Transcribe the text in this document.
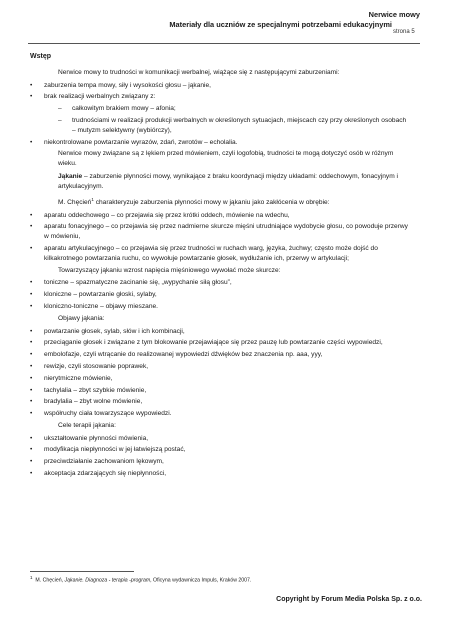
Nerwice mowy
Materiały dla uczniów ze specjalnymi potrzebami edukacyjnymi
strona 5
Wstęp

Nerwice mowy to trudności w komunikacji werbalnej, wiążące się z następującymi zaburzeniami:

• zaburzenia tempa mowy, siły i wysokości głosu – jąkanie,

• brak realizacji werbalnych związany z:

– całkowitym brakiem mowy – afonia;

– trudnościami w realizacji produkcji werbalnych w określonych sytuacjach, miejscach czy przy określonych osobach – mutyzm selektywny (wybiórczy),

• niekontrolowane powtarzanie wyrazów, zdań, zwrotów – echolalia.

Nerwice mowy związane są z lękiem przed mówieniem, czyli logofobią, trudności te mogą dotyczyć osób w różnym wieku.

Jąkanie – zaburzenie płynności mowy, wynikające z braku koordynacji między układami: oddechowym, fonacyjnym i artykulacyjnym.

M. Chęcień$^1$ charakteryzuje zaburzenia płynności mowy w jąkaniu jako zakłócenia w obrębie:

• aparatu oddechowego – co przejawia się przez krótki oddech, mówienie na wdechu,

• aparatu fonacyjnego – co przejawia się przez nadmierne skurcze mięśni utrudniające wydobycie głosu, co powoduje przerwy w mówieniu,

• aparatu artykulacyjnego – co przejawia się przez trudności w ruchach warg, języka, żuchwy; często może dojść do kilkakrotnego powtarzania ruchu, co wywołuje powtarzanie głosek, wydłużanie ich, przerwy w artykulacji;

Towarzyszący jąkaniu wzrost napięcia mięśniowego wywołać może skurcze:

• toniczne – spazmatyczne zacinanie się, „wypychanie siłą głosu”,

• kloniczne – powtarzanie głoski, sylaby,

• kloniczno-toniczne – objawy mieszane.

Objawy jąkania:

• powtarzanie głosek, sylab, słów i ich kombinacji,

• przeciąganie głosek i związane z tym blokowanie przejawiające się przez pauzę lub powtarzanie części wypowiedzi,

• embolofazje, czyli wtrącanie do realizowanej wypowiedzi dźwięków bez znaczenia np. aaa, yyy,

• rewizje, czyli stosowanie poprawek,

• nierytmiczne mówienie,

• tachylalia – zbyt szybkie mówienie,

• bradylalia – zbyt wolne mówienie,

• współruchy ciała towarzyszące wypowiedzi.

Cele terapii jąkania:

• ukształtowanie płynności mówienia,

• modyfikacja niepłynności w jej łatwiejszą postać,

• przeciwdziałanie zachowaniom lękowym,

• akceptacja zdarzających się niepłynności,

1  M. Chęcień, Jąkanie. Diagnoza - terapia -program, Oficyna wydawnicza Impuls, Kraków 2007.
Copyright by Forum Media Polska Sp. z o.o.
